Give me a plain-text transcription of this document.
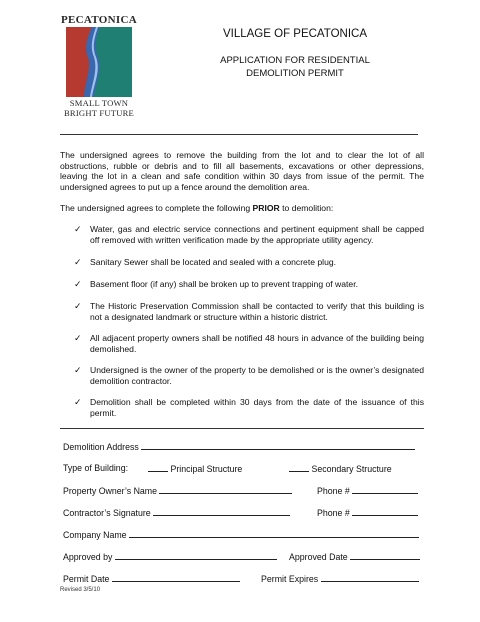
PECATONICA
SMALL TOWN
BRIGHT FUTURE
VILLAGE OF PECATONICA
APPLICATION FOR RESIDENTIAL
DEMOLITION PERMIT
The undersigned agrees to remove the building from the lot and to clear the lot of all obstructions, rubble or debris and to fill all basements, excavations or other depressions, leaving the lot in a clean and safe condition within 30 days from issue of the permit. The undersigned agrees to put up a fence around the demolition area.
The undersigned agrees to complete the following PRIOR to demolition:
✓ Water, gas and electric service connections and pertinent equipment shall be capped off removed with written verification made by the appropriate utility agency.
✓ Sanitary Sewer shall be located and sealed with a concrete plug.
✓ Basement floor (if any) shall be broken up to prevent trapping of water.
✓ The Historic Preservation Commission shall be contacted to verify that this building is not a designated landmark or structure within a historic district.
✓ All adjacent property owners shall be notified 48 hours in advance of the building being demolished.
✓ Undersigned is the owner of the property to be demolished or is the owner’s designated demolition contractor.
✓ Demolition shall be completed within 30 days from the date of the issuance of this permit.
Demolition Address
Type of Building:	Principal Structure	Secondary Structure
Property Owner’s Name	Phone #
Contractor’s Signature	Phone #
Company Name
Approved by	Approved Date
Permit Date	Permit Expires
Revised 3/5/10
